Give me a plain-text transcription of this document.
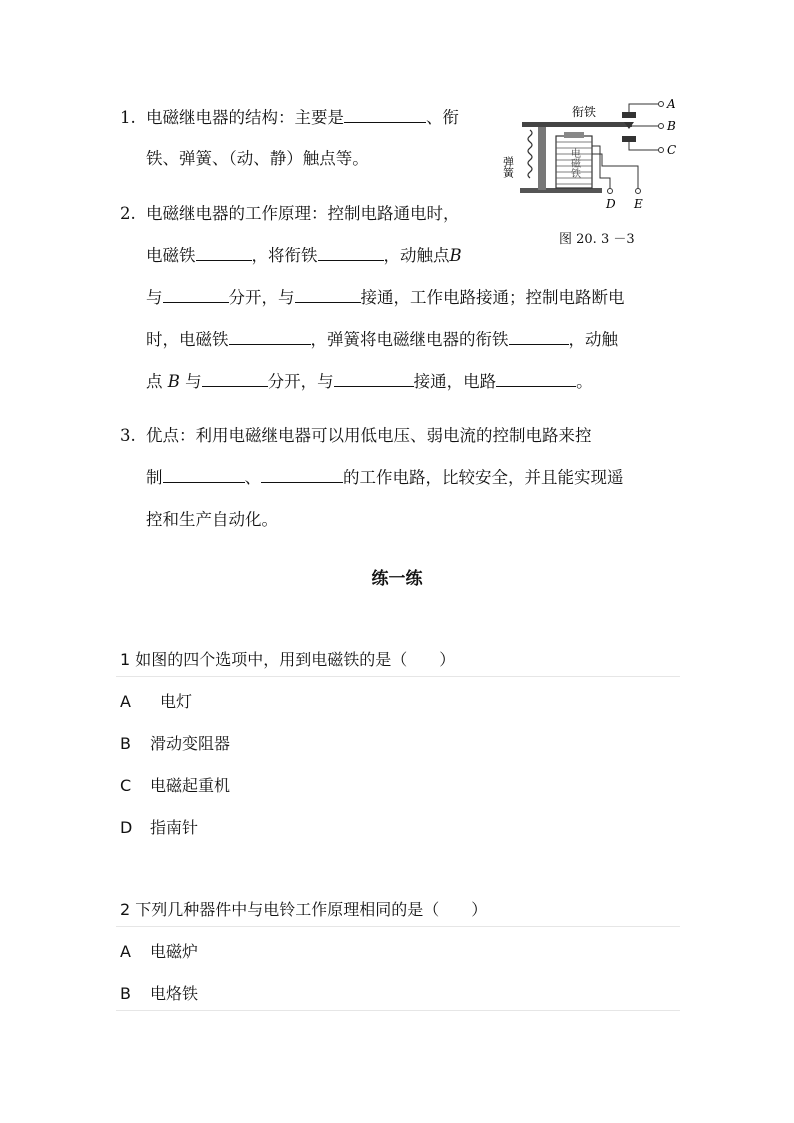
1. 电磁继电器的结构：主要是	、衔
铁、弹簧、（动、静）触点等。
2. 电磁继电器的工作原理：控制电路通电时，
电磁铁	，将衔铁	，动触点B
与	分开，与	接通，工作电路接通；控制电路断电
时，电磁铁	，弹簧将电磁继电器的衔铁	，动触
点 B 与	分开，与	接通，电路	。
3. 优点：利用电磁继电器可以用低电压、弱电流的控制电路来控
制	、	的工作电路，比较安全，并且能实现遥
控和生产自动化。
衔铁
弹簧	电磁铁
A
B
C
D E
图 20. 3 －3
练一练
1 如图的四个选项中，用到电磁铁的是（　　）
A 电灯
B 滑动变阻器
C 电磁起重机
D 指南针
2 下列几种器件中与电铃工作原理相同的是（　　）
A 电磁炉
B 电烙铁
